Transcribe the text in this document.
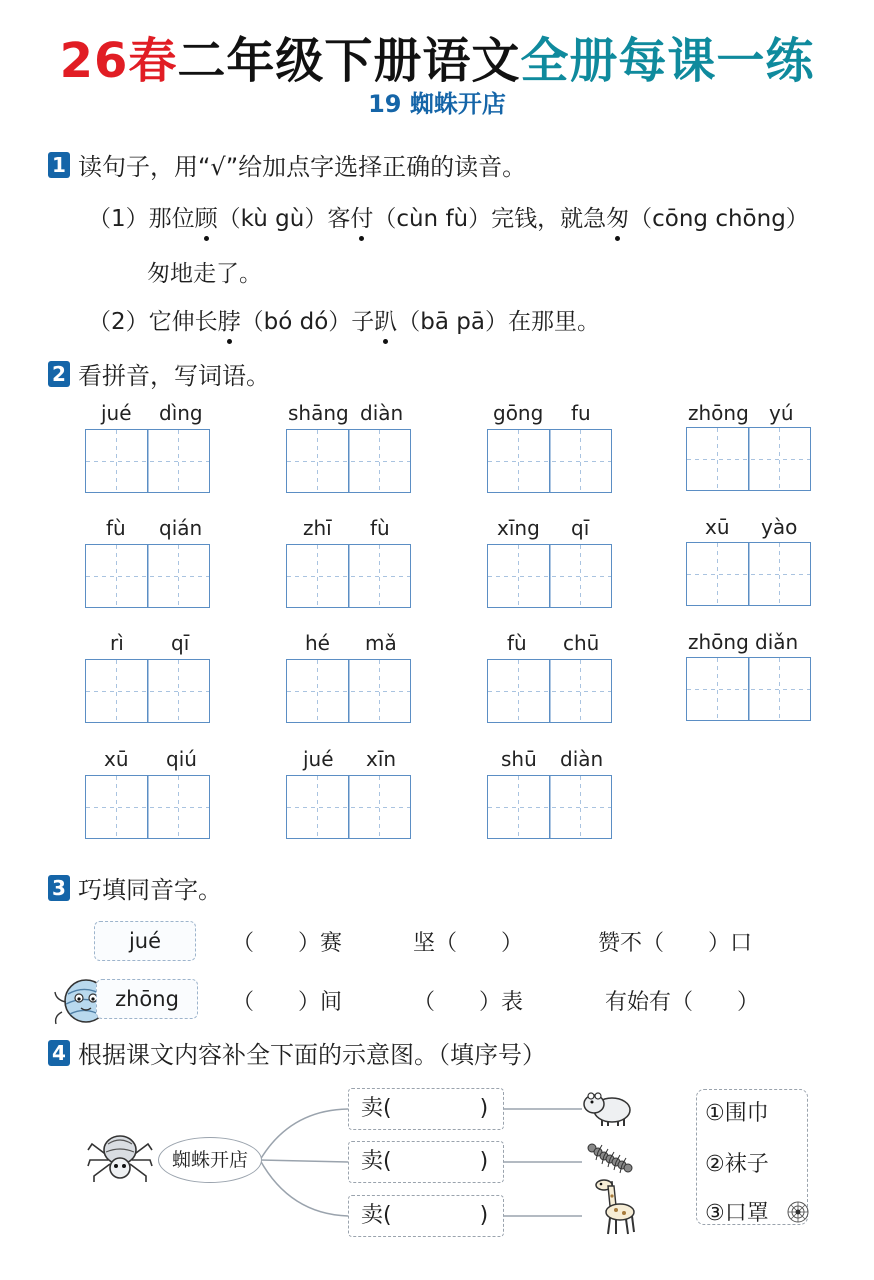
26春二年级下册语文全册每课一练
19 蜘蛛开店
1 读句子，用“√”给加点字选择正确的读音。
（1）那位顾（kù gù）客付（cùn fù）完钱，就急匆（cōng chōng）
匆地走了。
（2）它伸长脖（bó dó）子趴（bā pā）在那里。
2 看拼音，写词语。
jué dìng	shāng diàn	gōng fu	zhōng yú
fù qián	zhī fù	xīng qī	xū yào
rì qī	hé mǎ	fù chū	zhōng diǎn
xū qiú	jué xīn	shū diàn
3 巧填同音字。
jué	（　　）赛	坚（　　）	赞不（　　）口
zhōng	（　　）间	（　　）表	有始有（　　）
4 根据课文内容补全下面的示意图。（填序号）
蜘蛛开店
卖(　　　　)
卖(　　　　)
卖(　　　　)
①围巾
②袜子
③口罩
